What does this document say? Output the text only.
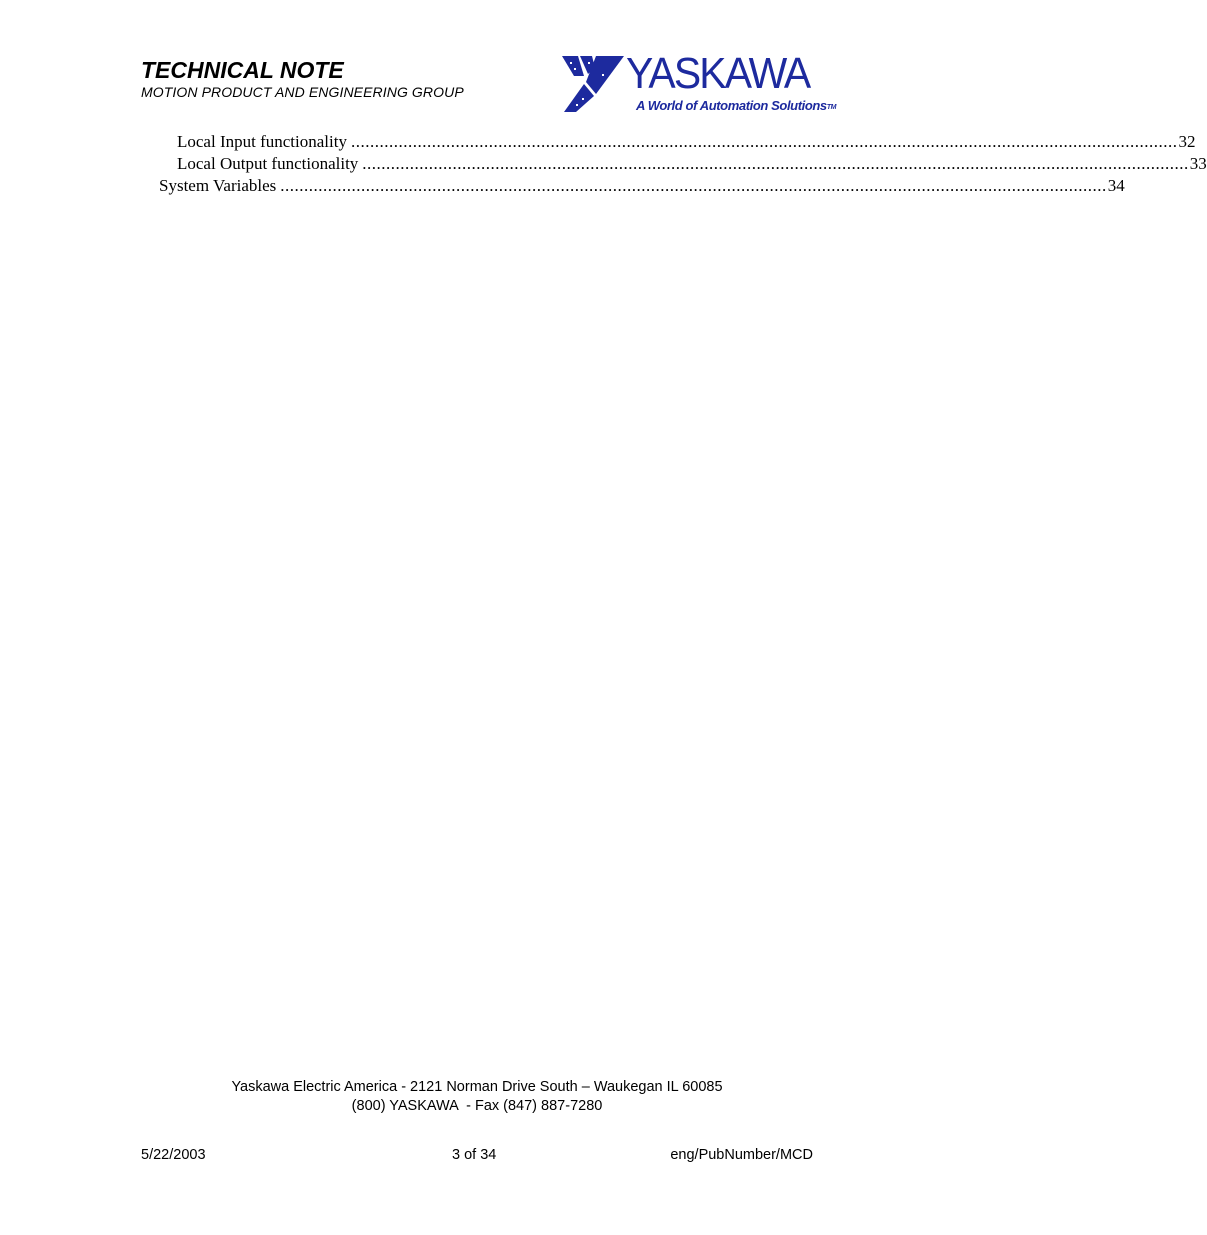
TECHNICAL NOTE

MOTION PRODUCT AND ENGINEERING GROUP	YASKAWA
A World of Automation Solutions™
Local Input functionality .............................................................................................................................................................................. 32
Local Output functionality .............................................................................................................................................................................. 33
System Variables .............................................................................................................................................................................. 34
Yaskawa Electric America - 2121 Norman Drive South – Waukegan IL 60085
(800) YASKAWA  - Fax (847) 887-7280
5/22/2003	3 of 34	eng/PubNumber/MCD
